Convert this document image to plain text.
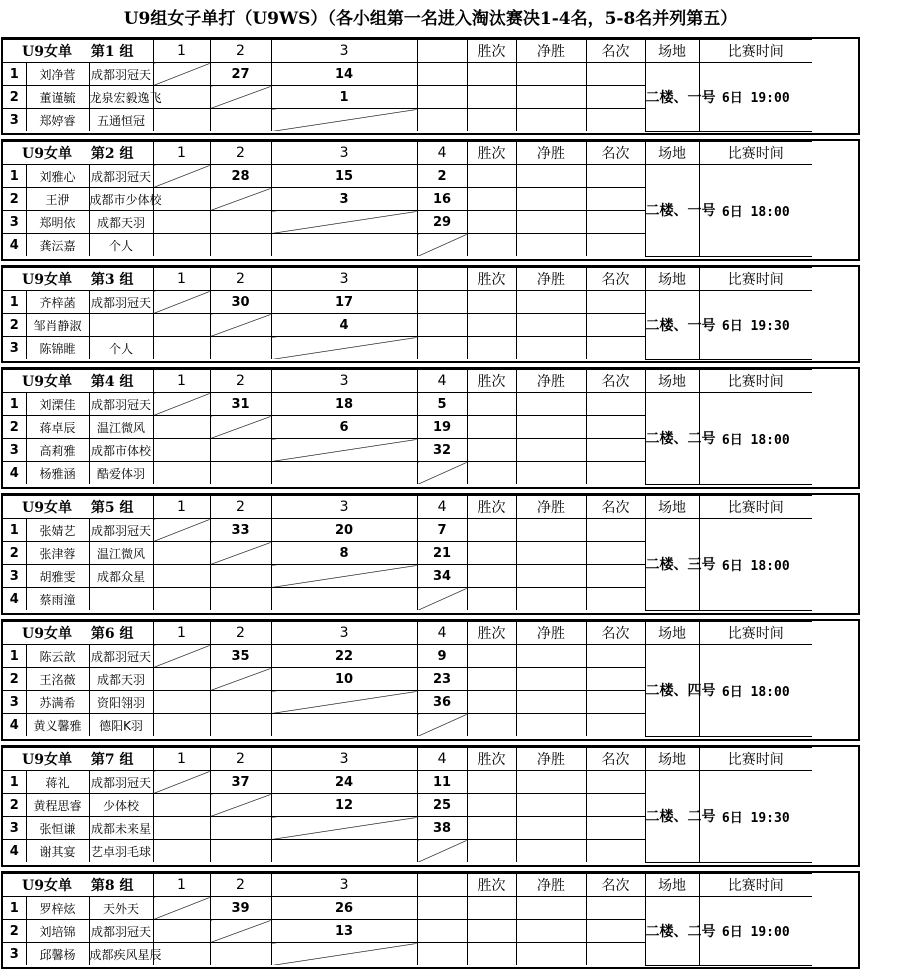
U9组女子单打（U9WS）（各小组第一名进入淘汰赛决1-4名，5-8名并列第五）
U9女单　 第1 组			1	2	3		胜次	净胜	名次	场地	比赛时间
1	刘净菅	成都羽冠天		27	14					二楼、一号	6日 19:00
2	董谨毓	龙泉宏毅逸飞			1						
3	郑婷睿	五通恒冠									
U9女单　 第2 组			1	2	3	4	胜次	净胜	名次	场地	比赛时间
1	刘雅心	成都羽冠天		28	15	2				二楼、一号	6日 18:00
2	王洢	成都市少体校			3	16					
3	郑明依	成都天羽				29					
4	龚沄嘉	个人									
U9女单　 第3 组			1	2	3		胜次	净胜	名次	场地	比赛时间
1	齐梓菡	成都羽冠天		30	17					二楼、一号	6日 19:30
2	邹肖静淑				4						
3	陈锦睢	个人									
U9女单　 第4 组			1	2	3	4	胜次	净胜	名次	场地	比赛时间
1	刘溧佳	成都羽冠天		31	18	5				二楼、二号	6日 18:00
2	蒋卓辰	温江微风			6	19					
3	高莉雅	成都市体校				32					
4	杨雅涵	酷爱体羽									
U9女单　 第5 组			1	2	3	4	胜次	净胜	名次	场地	比赛时间
1	张婧艺	成都羽冠天		33	20	7				二楼、三号	6日 18:00
2	张津蓉	温江微风			8	21					
3	胡雅雯	成都众星				34					
4	蔡雨潼										
U9女单　 第6 组			1	2	3	4	胜次	净胜	名次	场地	比赛时间
1	陈云歆	成都羽冠天		35	22	9				二楼、四号	6日 18:00
2	王洺薇	成都天羽			10	23					
3	苏满希	资阳翎羽				36					
4	黄义馨雅	德阳K羽									
U9女单　 第7 组			1	2	3	4	胜次	净胜	名次	场地	比赛时间
1	蒋礼	成都羽冠天		37	24	11				二楼、二号	6日 19:30
2	黄程思睿	少体校			12	25					
3	张恒谦	成都未来星				38					
4	谢其宴	艺卓羽毛球									
U9女单　 第8 组			1	2	3		胜次	净胜	名次	场地	比赛时间
1	罗梓炫	天外天		39	26					二楼、二号	6日 19:00
2	刘培锦	成都羽冠天			13						
3	邱馨杨	成都疾风星辰									
